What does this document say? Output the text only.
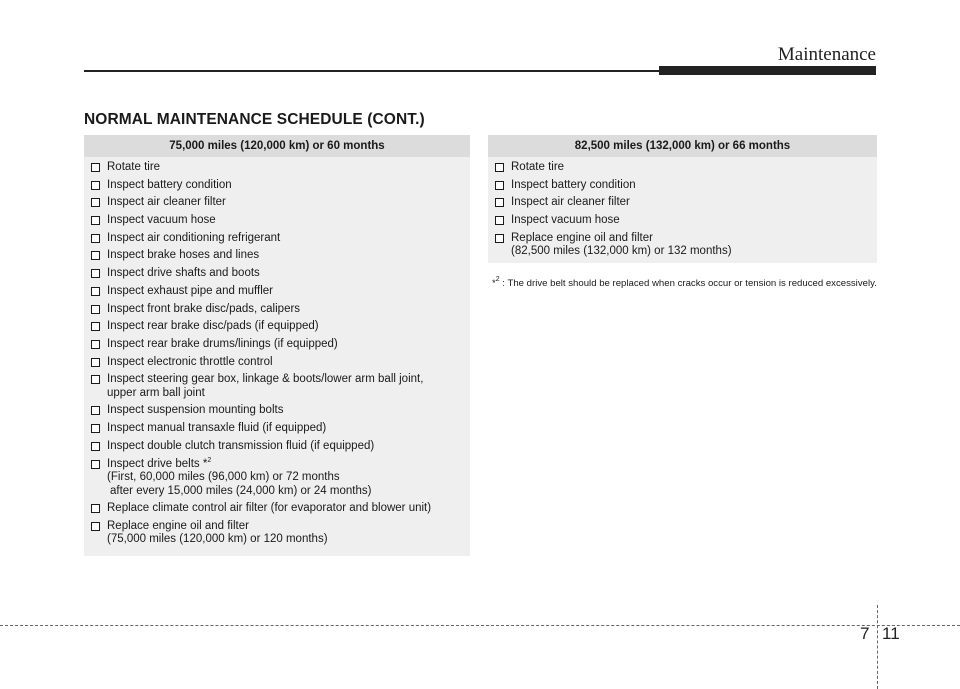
Maintenance
NORMAL MAINTENANCE SCHEDULE (CONT.)
75,000 miles (120,000 km) or 60 months
Rotate tire
Inspect battery condition
Inspect air cleaner filter
Inspect vacuum hose
Inspect air conditioning refrigerant
Inspect brake hoses and lines
Inspect drive shafts and boots
Inspect exhaust pipe and muffler
Inspect front brake disc/pads, calipers
Inspect rear brake disc/pads (if equipped)
Inspect rear brake drums/linings (if equipped)
Inspect electronic throttle control
Inspect steering gear box, linkage & boots/lower arm ball joint,
upper arm ball joint
Inspect suspension mounting bolts
Inspect manual transaxle fluid (if equipped)
Inspect double clutch transmission fluid (if equipped)
Inspect drive belts *$^2$
(First, 60,000 miles (96,000 km) or 72 months
after every 15,000 miles (24,000 km) or 24 months)
Replace climate control air filter (for evaporator and blower unit)
Replace engine oil and filter
(75,000 miles (120,000 km) or 120 months)
82,500 miles (132,000 km) or 66 months
Rotate tire
Inspect battery condition
Inspect air cleaner filter
Inspect vacuum hose
Replace engine oil and filter
(82,500 miles (132,000 km) or 132 months)
*$^2$ : The drive belt should be replaced when cracks occur or tension is reduced excessively.
7 11
